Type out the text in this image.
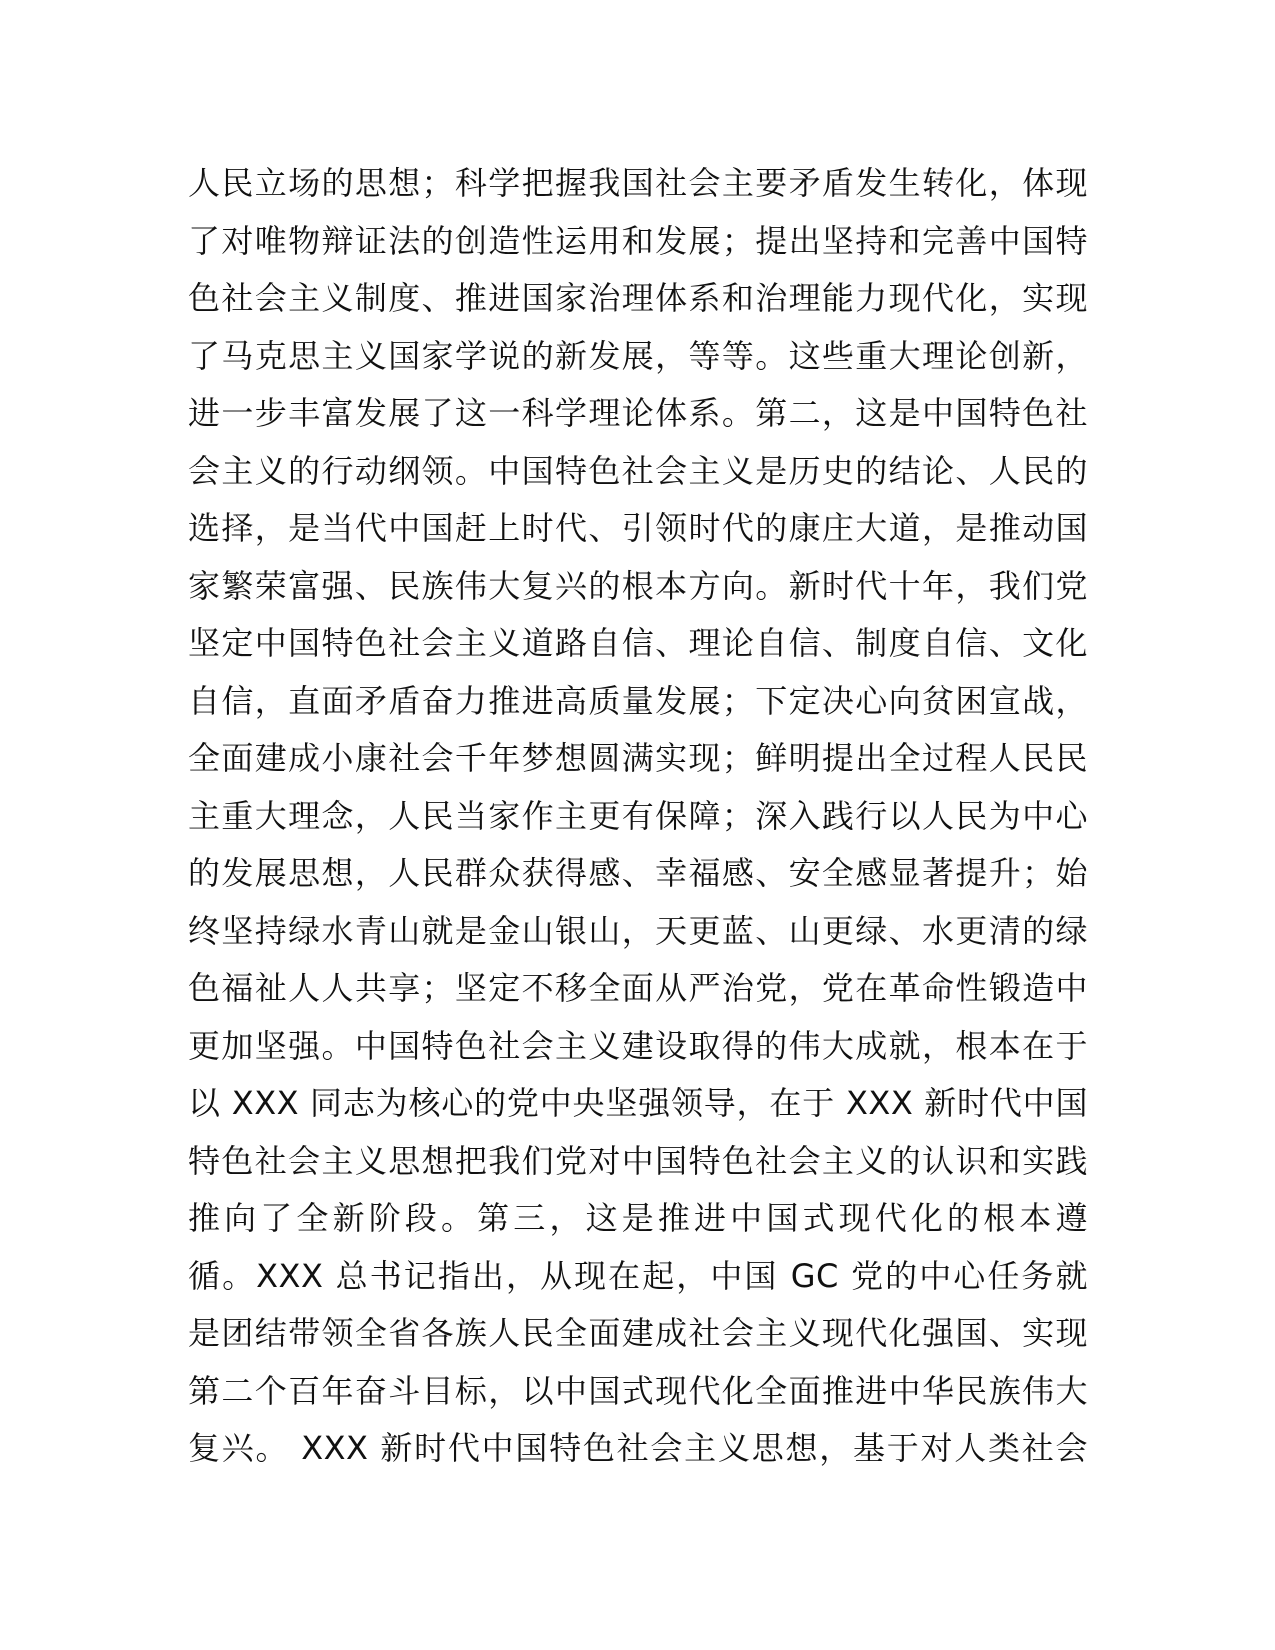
人民立场的思想；科学把握我国社会主要矛盾发生转化，体现
了对唯物辩证法的创造性运用和发展；提出坚持和完善中国特
色社会主义制度、推进国家治理体系和治理能力现代化，实现
了马克思主义国家学说的新发展，等等。这些重大理论创新，
进一步丰富发展了这一科学理论体系。第二，这是中国特色社
会主义的行动纲领。中国特色社会主义是历史的结论、人民的
选择，是当代中国赶上时代、引领时代的康庄大道，是推动国
家繁荣富强、民族伟大复兴的根本方向。新时代十年，我们党
坚定中国特色社会主义道路自信、理论自信、制度自信、文化
自信，直面矛盾奋力推进高质量发展；下定决心向贫困宣战，
全面建成小康社会千年梦想圆满实现；鲜明提出全过程人民民
主重大理念，人民当家作主更有保障；深入践行以人民为中心
的发展思想，人民群众获得感、幸福感、安全感显著提升；始
终坚持绿水青山就是金山银山，天更蓝、山更绿、水更清的绿
色福祉人人共享；坚定不移全面从严治党，党在革命性锻造中
更加坚强。中国特色社会主义建设取得的伟大成就，根本在于
以 XXX 同志为核心的党中央坚强领导，在于 XXX 新时代中国
特色社会主义思想把我们党对中国特色社会主义的认识和实践
推向了全新阶段。第三，这是推进中国式现代化的根本遵
循。XXX 总书记指出，从现在起，中国 GC 党的中心任务就
是团结带领全省各族人民全面建成社会主义现代化强国、实现
第二个百年奋斗目标，以中国式现代化全面推进中华民族伟大
复兴。 XXX 新时代中国特色社会主义思想，基于对人类社会
